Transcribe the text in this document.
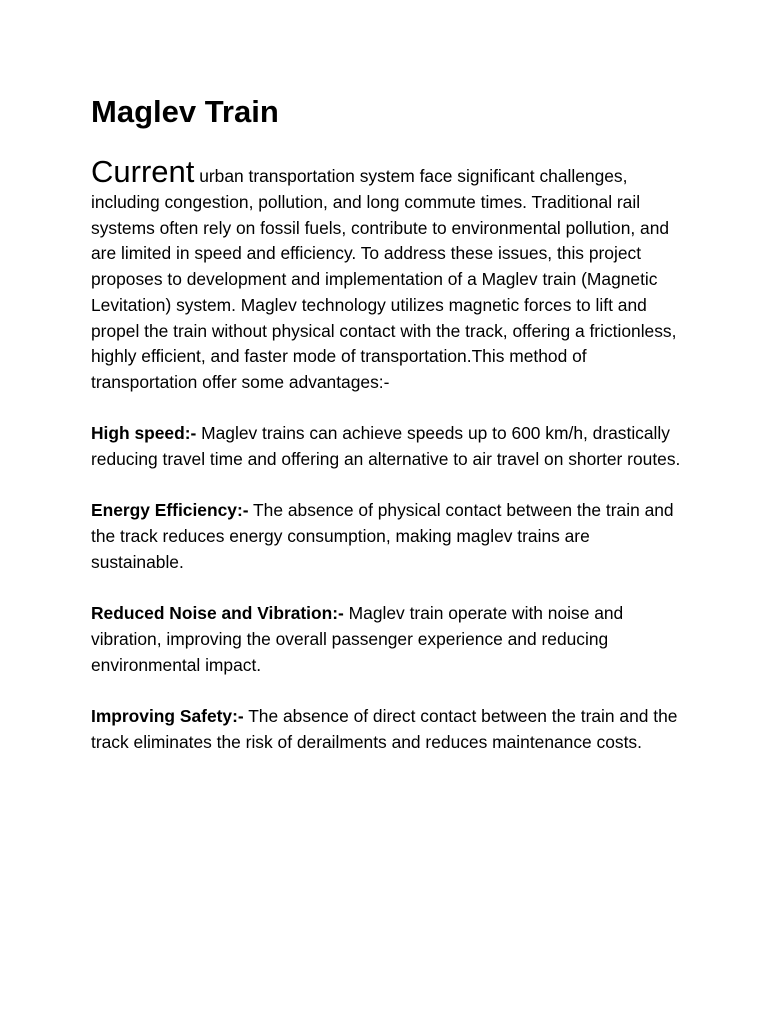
Maglev Train

Current urban transportation system face significant challenges, including congestion, pollution, and long commute times. Traditional rail systems often rely on fossil fuels, contribute to environmental pollution, and are limited in speed and efficiency. To address these issues, this project proposes to development and implementation of a Maglev train (Magnetic Levitation) system. Maglev technology utilizes magnetic forces to lift and propel the train without physical contact with the track, offering a frictionless, highly efficient, and faster mode of transportation.This method of transportation offer some advantages:-

High speed:- Maglev trains can achieve speeds up to 600 km/h, drastically reducing travel time and offering an alternative to air travel on shorter routes.

Energy Efficiency:- The absence of physical contact between the train and the track reduces energy consumption, making maglev trains are sustainable.

Reduced Noise and Vibration:- Maglev train operate with noise and vibration, improving the overall passenger experience and reducing environmental impact.

Improving Safety:- The absence of direct contact between the train and the track eliminates the risk of derailments and reduces maintenance costs.
